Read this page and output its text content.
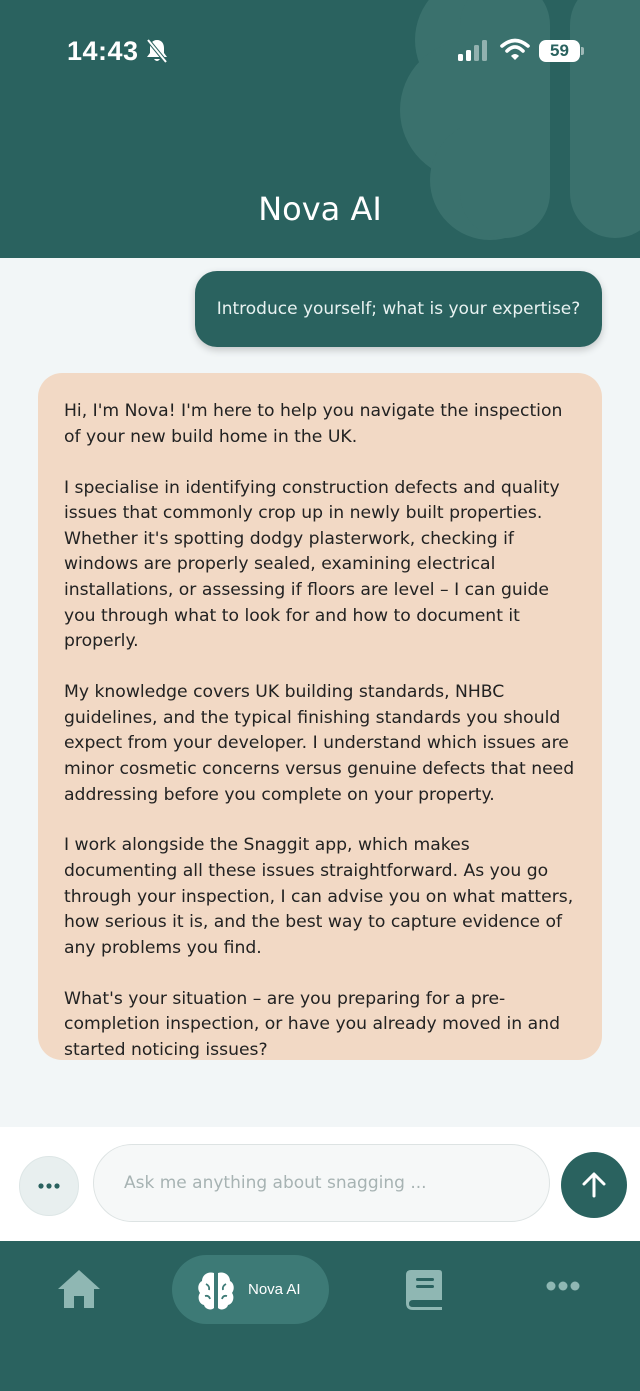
14:43	59
Nova AI
Introduce yourself; what is your expertise?

Hi, I'm Nova! I'm here to help you navigate the inspection of your new build home in the UK.

I specialise in identifying construction defects and quality issues that commonly crop up in newly built properties. Whether it's spotting dodgy plasterwork, checking if windows are properly sealed, examining electrical installations, or assessing if floors are level – I can guide you through what to look for and how to document it properly.

My knowledge covers UK building standards, NHBC guidelines, and the typical finishing standards you should expect from your developer. I understand which issues are minor cosmetic concerns versus genuine defects that need addressing before you complete on your property.

I work alongside the Snaggit app, which makes documenting all these issues straightforward. As you go through your inspection, I can advise you on what matters, how serious it is, and the best way to capture evidence of any problems you find.

What's your situation – are you preparing for a pre-completion inspection, or have you already moved in and started noticing issues?

Ask me anything about snagging ...
Nova AI
